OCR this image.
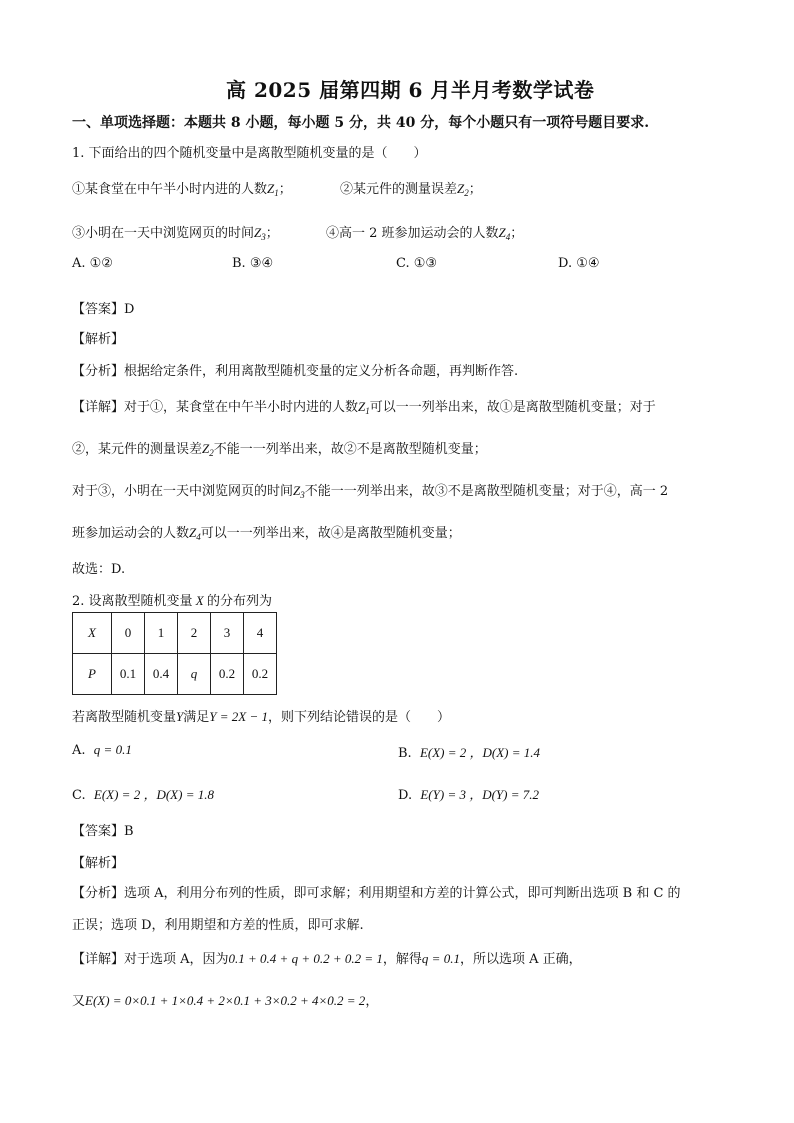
高 2025 届第四期 6 月半月考数学试卷
一、单项选择题：本题共 8 小题，每小题 5 分，共 40 分，每个小题只有一项符号题目要求.
1. 下面给出的四个随机变量中是离散型随机变量的是（　　）
①某食堂在中午半小时内进的人数$Z_1$；	②某元件的测量误差$Z_2$；
③小明在一天中浏览网页的时间$Z_3$；	④高一 2 班参加运动会的人数$Z_4$；
A. ①②	B. ③④	C. ①③	D. ①④
【答案】D
【解析】
【分析】根据给定条件，利用离散型随机变量的定义分析各命题，再判断作答.
【详解】对于①，某食堂在中午半小时内进的人数$Z_1$可以一一列举出来，故①是离散型随机变量；对于
②，某元件的测量误差$Z_2$不能一一列举出来，故②不是离散型随机变量；
对于③，小明在一天中浏览网页的时间$Z_3$不能一一列举出来，故③不是离散型随机变量；对于④，高一 2
班参加运动会的人数$Z_4$可以一一列举出来，故④是离散型随机变量；
故选：D.
2. 设离散型随机变量 X 的分布列为
X	0	1	2	3	4
P	0.1	0.4	q	0.2	0.2
若离散型随机变量Y满足Y = 2X − 1，则下列结论错误的是（　　）
A. q = 0.1	B. E(X) = 2 ，D(X) = 1.4
C. E(X) = 2 ，D(X) = 1.8	D. E(Y) = 3 ，D(Y) = 7.2
【答案】B
【解析】
【分析】选项 A，利用分布列的性质，即可求解；利用期望和方差的计算公式，即可判断出选项 B 和 C 的
正误；选项 D，利用期望和方差的性质，即可求解.
【详解】对于选项 A，因为0.1 + 0.4 + q + 0.2 + 0.2 = 1，解得q = 0.1，所以选项 A 正确，
又E(X) = 0×0.1 + 1×0.4 + 2×0.1 + 3×0.2 + 4×0.2 = 2，
